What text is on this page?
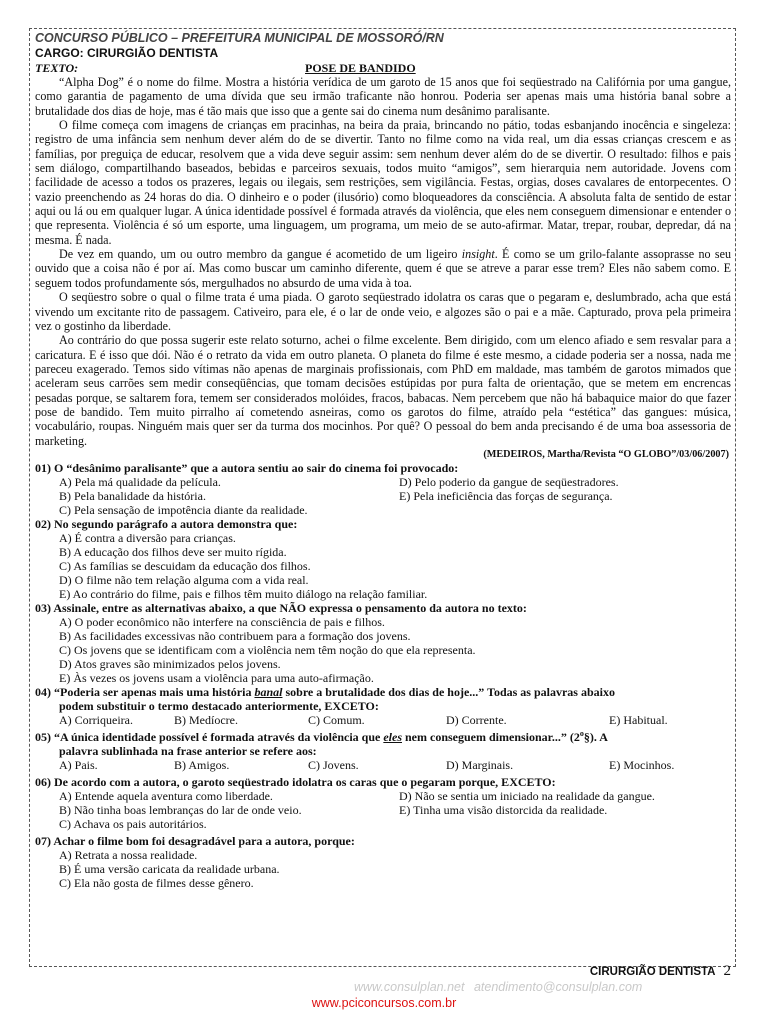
CONCURSO PÚBLICO – PREFEITURA MUNICIPAL DE MOSSORÓ/RN
CARGO: CIRURGIÃO DENTISTA
TEXTO:	POSE DE BANDIDO

“Alpha Dog” é o nome do filme. Mostra a história verídica de um garoto de 15 anos que foi seqüestrado na Califórnia por uma gangue, como garantia de pagamento de uma dívida que seu irmão traficante não honrou. Poderia ser apenas mais uma história banal sobre a brutalidade dos dias de hoje, mas é tão mais que isso que a gente sai do cinema num desânimo paralisante.

O filme começa com imagens de crianças em pracinhas, na beira da praia, brincando no pátio, todas esbanjando inocência e singeleza: registro de uma infância sem nenhum dever além do de se divertir. Tanto no filme como na vida real, um dia essas crianças crescem e as famílias, por preguiça de educar, resolvem que a vida deve seguir assim: sem nenhum dever além do de se divertir. O resultado: filhos e pais sem diálogo, compartilhando baseados, bebidas e parceiros sexuais, todos muito “amigos”, sem hierarquia nem autoridade. Jovens com facilidade de acesso a todos os prazeres, legais ou ilegais, sem restrições, sem vigilância. Festas, orgias, doses cavalares de entorpecentes. O vazio preenchendo as 24 horas do dia. O dinheiro e o poder (ilusório) como bloqueadores da consciência. A absoluta falta de sentido de estar aqui ou lá ou em qualquer lugar. A única identidade possível é formada através da violência, que eles nem conseguem dimensionar e entender o que representa. Violência é só um esporte, uma linguagem, um programa, um meio de se auto-afirmar. Matar, trepar, roubar, depredar, dá na mesma. É nada.

De vez em quando, um ou outro membro da gangue é acometido de um ligeiro insight. É como se um grilo-falante assoprasse no seu ouvido que a coisa não é por aí. Mas como buscar um caminho diferente, quem é que se atreve a parar esse trem? Eles não sabem como. E seguem todos profundamente sós, mergulhados no absurdo de uma vida à toa.

O seqüestro sobre o qual o filme trata é uma piada. O garoto seqüestrado idolatra os caras que o pegaram e, deslumbrado, acha que está vivendo um excitante rito de passagem. Cativeiro, para ele, é o lar de onde veio, e algozes são o pai e a mãe. Capturado, prova pela primeira vez o gostinho da liberdade.

Ao contrário do que possa sugerir este relato soturno, achei o filme excelente. Bem dirigido, com um elenco afiado e sem resvalar para a caricatura. E é isso que dói. Não é o retrato da vida em outro planeta. O planeta do filme é este mesmo, a cidade poderia ser a nossa, nada me pareceu exagerado. Temos sido vítimas não apenas de marginais profissionais, com PhD em maldade, mas também de garotos mimados que aceleram seus carrões sem medir conseqüências, que tomam decisões estúpidas por pura falta de orientação, que se metem em encrencas pesadas porque, se saltarem fora, temem ser considerados molóides, fracos, babacas. Nem percebem que não há babaquice maior do que fazer pose de bandido. Tem muito pirralho aí cometendo asneiras, como os garotos do filme, atraído pela “estética” das gangues: música, vocabulário, roupas. Ninguém mais quer ser da turma dos mocinhos. Por quê? O pessoal do bem anda precisando é de uma boa assessoria de marketing.

(MEDEIROS, Martha/Revista “O GLOBO”/03/06/2007)
01) O “desânimo paralisante” que a autora sentiu ao sair do cinema foi provocado:
A) Pela má qualidade da película.	D) Pelo poderio da gangue de seqüestradores.
B) Pela banalidade da história.	E) Pela ineficiência das forças de segurança.
C) Pela sensação de impotência diante da realidade.
02) No segundo parágrafo a autora demonstra que:
A) É contra a diversão para crianças.
B) A educação dos filhos deve ser muito rígida.
C) As famílias se descuidam da educação dos filhos.
D) O filme não tem relação alguma com a vida real.
E) Ao contrário do filme, pais e filhos têm muito diálogo na relação familiar.
03) Assinale, entre as alternativas abaixo, a que NÃO expressa o pensamento da autora no texto:
A) O poder econômico não interfere na consciência de pais e filhos.
B) As facilidades excessivas não contribuem para a formação dos jovens.
C) Os jovens que se identificam com a violência nem têm noção do que ela representa.
D) Atos graves são minimizados pelos jovens.
E) Às vezes os jovens usam a violência para uma auto-afirmação.
04) “Poderia ser apenas mais uma história banal sobre a brutalidade dos dias de hoje...” Todas as palavras abaixo
podem substituir o termo destacado anteriormente, EXCETO:
A) Corriqueira.	B) Medíocre.	C) Comum.	D) Corrente.	E) Habitual.
05) “A única identidade possível é formada através da violência que eles nem conseguem dimensionar...” (2$^o$§). A
palavra sublinhada na frase anterior se refere aos:
A) Pais.	B) Amigos.	C) Jovens.	D) Marginais.	E) Mocinhos.
06) De acordo com a autora, o garoto seqüestrado idolatra os caras que o pegaram porque, EXCETO:
A) Entende aquela aventura como liberdade.	D) Não se sentia um iniciado na realidade da gangue.
B) Não tinha boas lembranças do lar de onde veio.	E) Tinha uma visão distorcida da realidade.
C) Achava os pais autoritários.
07) Achar o filme bom foi desagradável para a autora, porque:
A) Retrata a nossa realidade.
B) É uma versão caricata da realidade urbana.
C) Ela não gosta de filmes desse gênero.
CIRURGIÃO DENTISTA 2
www.consulplan.net atendimento@consulplan.com
www.pciconcursos.com.br
